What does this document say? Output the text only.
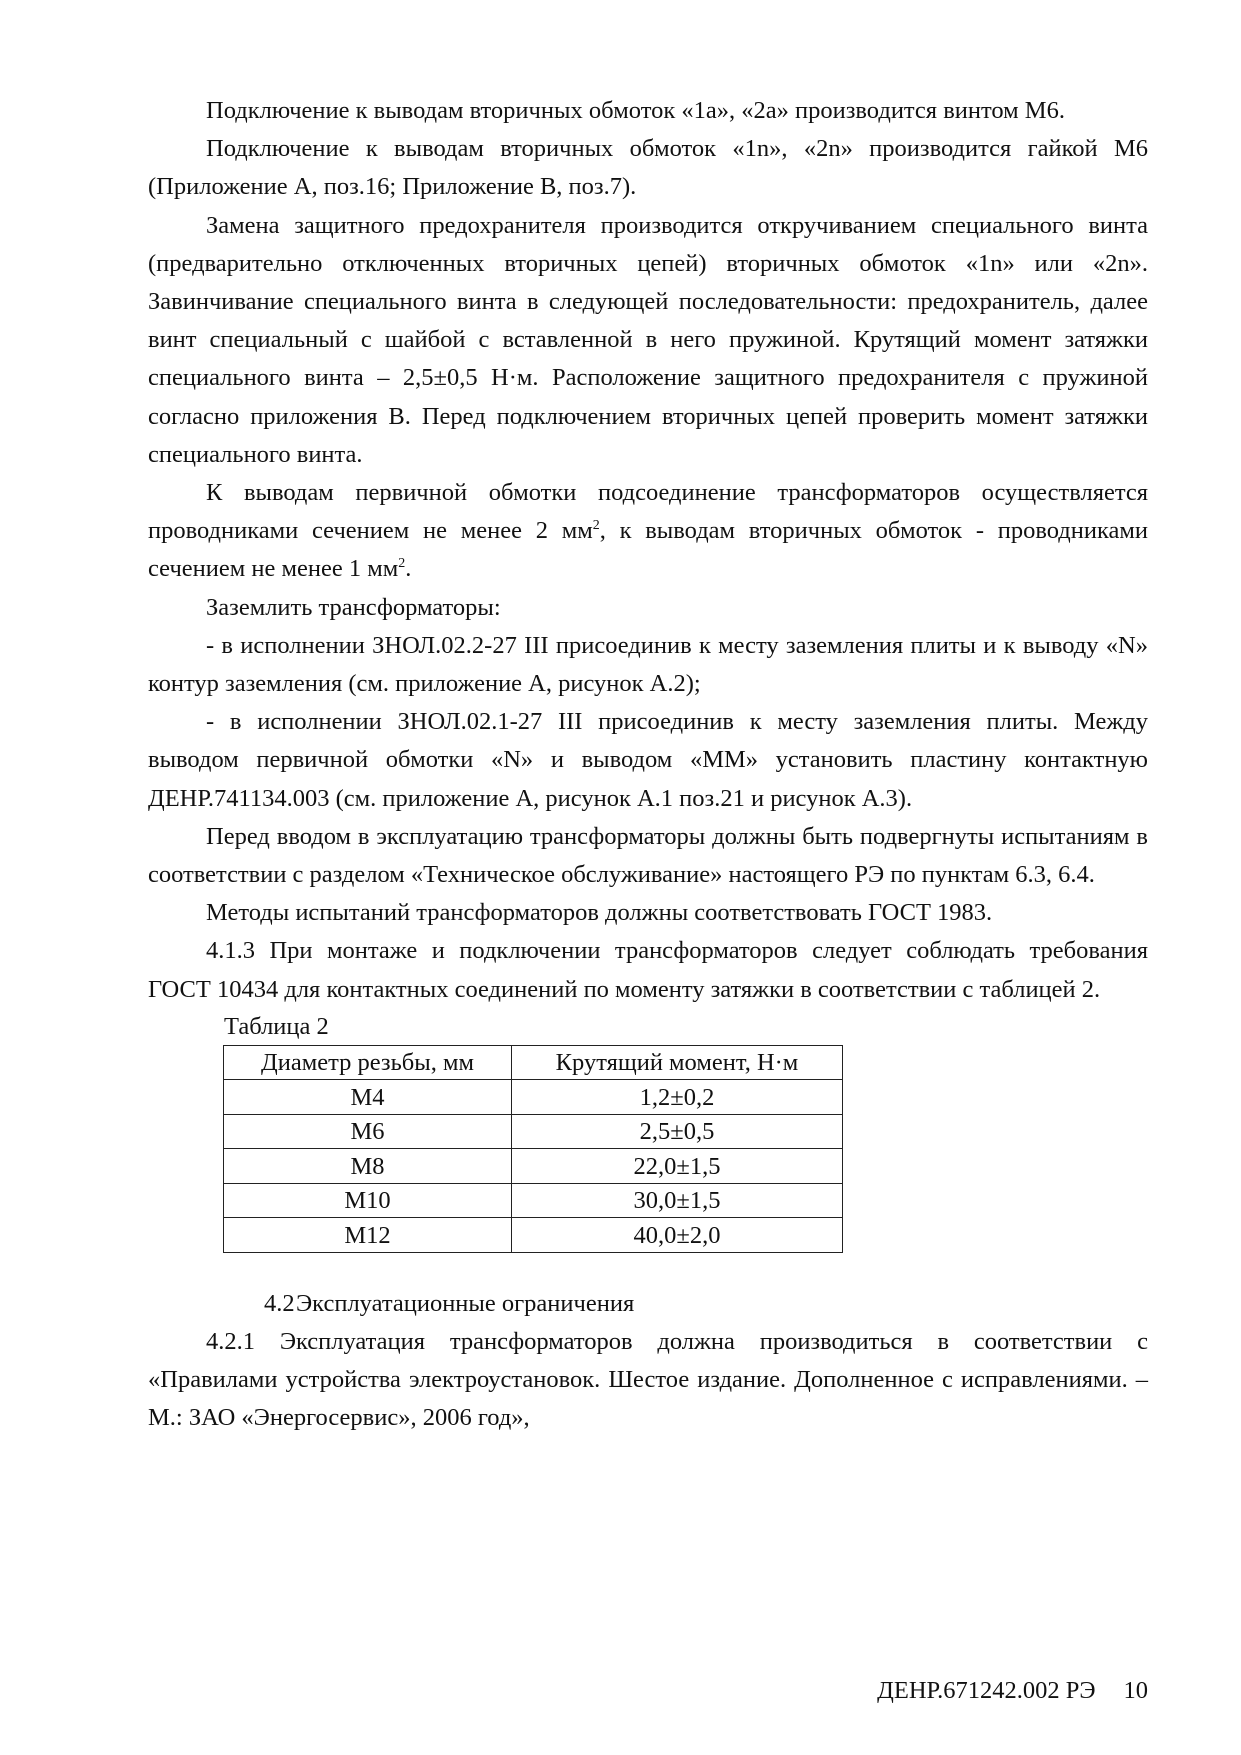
Подключение к выводам вторичных обмоток «1а», «2а» производится винтом М6.

Подключение к выводам вторичных обмоток «1n», «2n» производится гайкой М6 (Приложение А, поз.16; Приложение В, поз.7).

Замена защитного предохранителя производится откручиванием специального винта (предварительно отключенных вторичных цепей) вторичных обмоток «1n» или «2n». Завинчивание специального винта в следующей последовательности: предохранитель, далее винт специальный с шайбой с вставленной в него пружиной. Крутящий момент затяжки специального винта – 2,5±0,5 Н·м. Расположение защитного предохранителя с пружиной согласно приложения В. Перед подключением вторичных цепей проверить момент затяжки специального винта.

К выводам первичной обмотки подсоединение трансформаторов осуществляется проводниками сечением не менее 2 $мм^2$, к выводам вторичных обмоток - проводниками сечением не менее 1 $мм^2$.

Заземлить трансформаторы:

- в исполнении ЗНОЛ.02.2-27 III присоединив к месту заземления плиты и к выводу «N» контур заземления (см. приложение А, рисунок А.2);

- в исполнении ЗНОЛ.02.1-27 III присоединив к месту заземления плиты. Между выводом первичной обмотки «N» и выводом «ММ» установить пластину контактную ДЕНР.741134.003 (см. приложение А, рисунок А.1 поз.21 и рисунок А.3).

Перед вводом в эксплуатацию трансформаторы должны быть подвергнуты испытаниям в соответствии с разделом «Техническое обслуживание» настоящего РЭ по пунктам 6.3, 6.4.

Методы испытаний трансформаторов должны соответствовать ГОСТ 1983.

4.1.3 При монтаже и подключении трансформаторов следует соблюдать требования ГОСТ 10434 для контактных соединений по моменту затяжки в соответствии с таблицей 2.

Таблица 2
Диаметр резьбы, мм	Крутящий момент, Н·м
М4	1,2±0,2
М6	2,5±0,5
М8	22,0±1,5
М10	30,0±1,5
М12	40,0±2,0

4.2Эксплуатационные ограничения

4.2.1 Эксплуатация трансформаторов должна производиться в соответствии с «Правилами устройства электроустановок. Шестое издание. Дополненное с исправлениями. – М.: ЗАО «Энергосервис», 2006 год»,

ДЕНР.671242.002 РЭ 10
